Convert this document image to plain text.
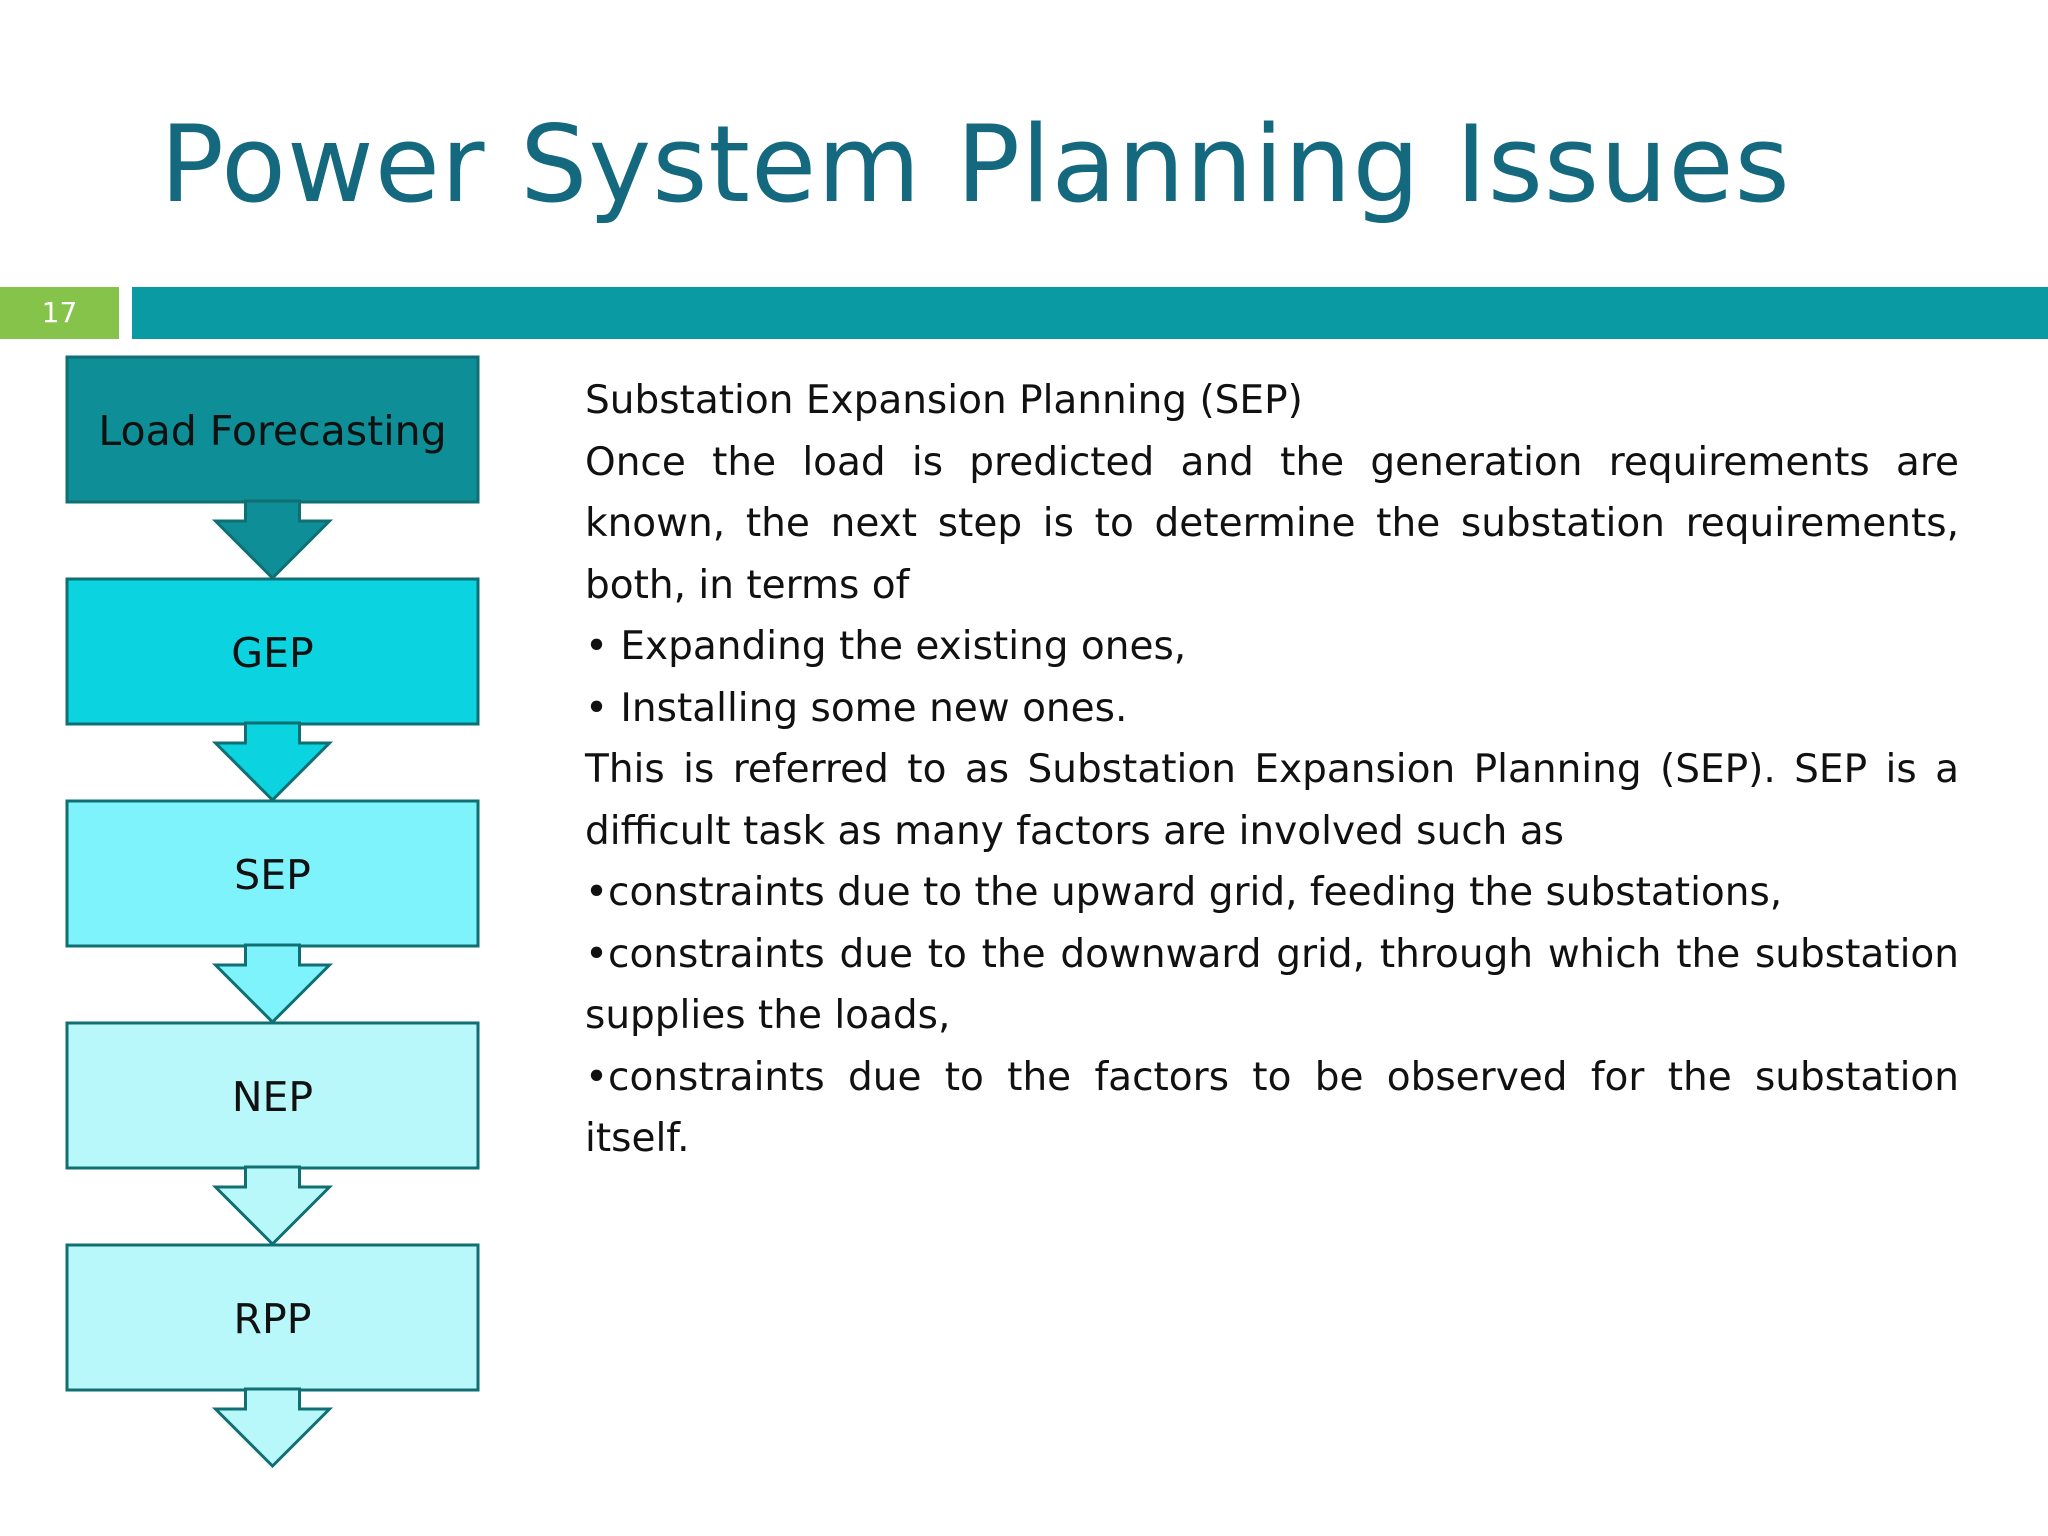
Power System Planning Issues
17
Load Forecasting
GEP
SEP
NEP
RPP

Substation Expansion Planning (SEP)

Once the load is predicted and the generation requirements are known, the next step is to determine the substation requirements, both, in terms of

• Expanding the existing ones,

• Installing some new ones.

This is referred to as Substation Expansion Planning (SEP). SEP is a difficult task as many factors are involved such as

•constraints due to the upward grid, feeding the substations,

•constraints due to the downward grid, through which the substation supplies the loads,

•constraints due to the factors to be observed for the substation itself.
